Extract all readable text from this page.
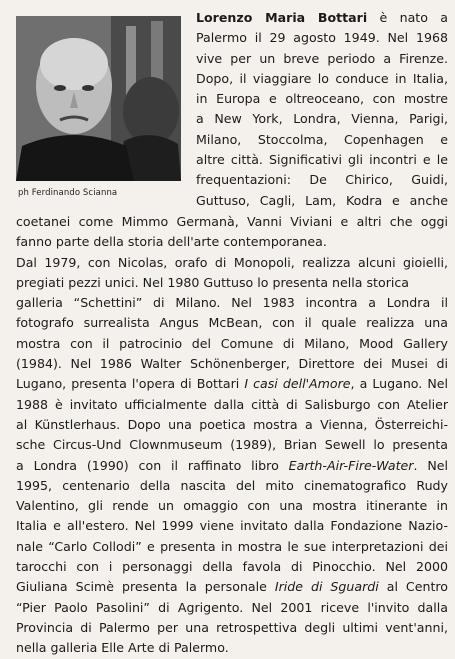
ph Ferdinando Scianna
Lorenzo Maria Bottari è nato a
Palermo il 29 agosto 1949. Nel 1968
vive per un breve periodo a Firenze.
Dopo, il viaggiare lo conduce in Italia,
in Europa e oltreoceano, con mostre
a New York, Londra, Vienna, Parigi,
Milano, Stoccolma, Copenhagen e
altre città. Significativi gli incontri e le
frequentazioni: De Chirico, Guidi,
Guttuso, Cagli, Lam, Kodra e anche
coetanei come Mimmo Germanà, Vanni Viviani e altri che oggi
fanno parte della storia dell'arte contemporanea.
Dal 1979, con Nicolas, orafo di Monopoli, realizza alcuni gioielli,
pregiati pezzi unici. Nel 1980 Guttuso lo presenta nella storica
galleria “Schettini” di Milano. Nel 1983 incontra a Londra il
fotografo surrealista Angus McBean, con il quale realizza una
mostra con il patrocinio del Comune di Milano, Mood Gallery
(1984). Nel 1986 Walter Schönenberger, Direttore dei Musei di
Lugano, presenta l'opera di Bottari I casi dell'Amore, a Lugano. Nel
1988 è invitato ufficialmente dalla città di Salisburgo con Atelier
al Künstlerhaus. Dopo una poetica mostra a Vienna, Österreichi-
sche Circus-Und Clownmuseum (1989), Brian Sewell lo presenta
a Londra (1990) con il raffinato libro Earth-Air-Fire-Water. Nel
1995, centenario della nascita del mito cinematografico Rudy
Valentino, gli rende un omaggio con una mostra itinerante in
Italia e all'estero. Nel 1999 viene invitato dalla Fondazione Nazio-
nale “Carlo Collodi” e presenta in mostra le sue interpretazioni dei
tarocchi con i personaggi della favola di Pinocchio. Nel 2000
Giuliana Scimè presenta la personale Iride di Sguardi al Centro
“Pier Paolo Pasolini” di Agrigento. Nel 2001 riceve l'invito dalla
Provincia di Palermo per una retrospettiva degli ultimi vent'anni,
nella galleria Elle Arte di Palermo.
